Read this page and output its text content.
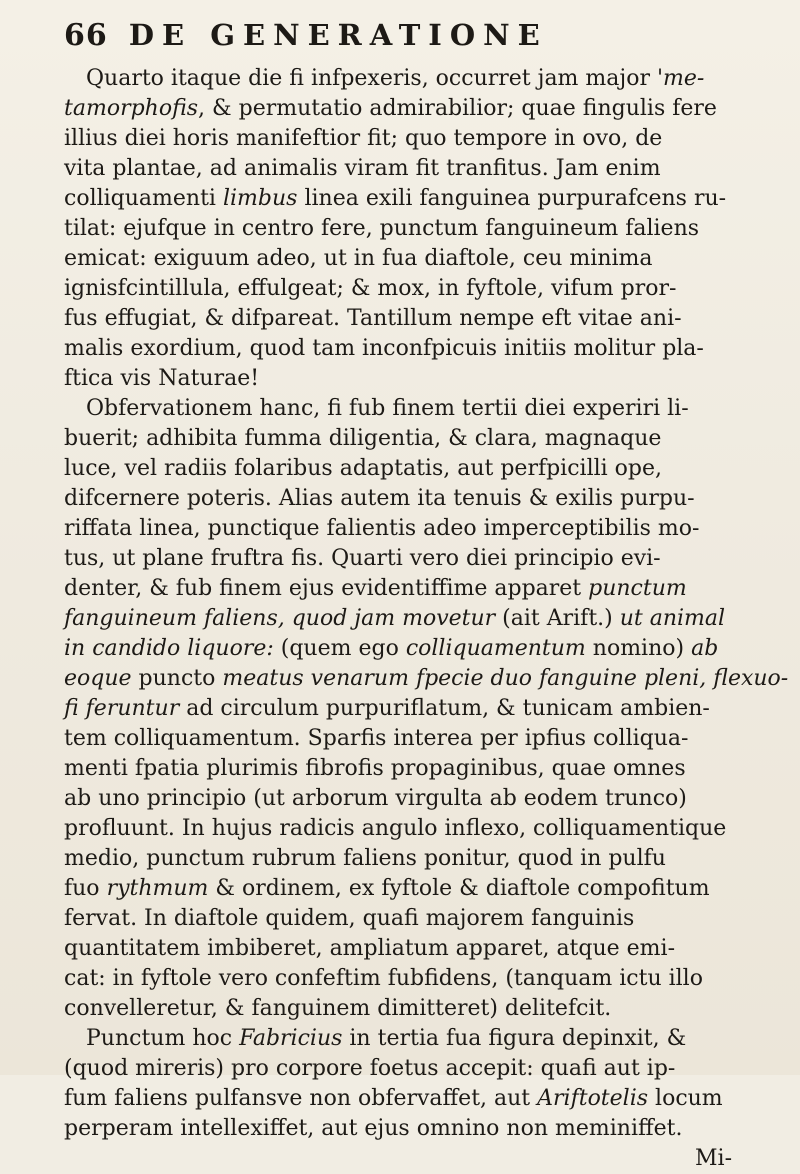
66 DE GENERATIONE
Quarto itaque die fi infpexeris, occurret jam major 'me-
tamorphofis, & permutatio admirabilior; quae fingulis fere
illius diei horis manifeftior fit; quo tempore in ovo, de
vita plantae, ad animalis viram fit tranfitus. Jam enim
colliquamenti limbus linea exili fanguinea purpurafcens ru-
tilat: ejufque in centro fere, punctum fanguineum faliens
emicat: exiguum adeo, ut in fua diaftole, ceu minima
ignisfcintillula, effulgeat; & mox, in fyftole, vifum pror-
fus effugiat, & difpareat. Tantillum nempe eft vitae ani-
malis exordium, quod tam inconfpicuis initiis molitur pla-
ftica vis Naturae!
Obfervationem hanc, fi fub finem tertii diei experiri li-
buerit; adhibita fumma diligentia, & clara, magnaque
luce, vel radiis folaribus adaptatis, aut perfpicilli ope,
difcernere poteris. Alias autem ita tenuis & exilis purpu-
riffata linea, punctique falientis adeo imperceptibilis mo-
tus, ut plane fruftra fis. Quarti vero diei principio evi-
denter, & fub finem ejus evidentiffime apparet punctum
fanguineum faliens, quod jam movetur (ait Arift.) ut animal
in candido liquore: (quem ego colliquamentum nomino) ab
eoque puncto meatus venarum fpecie duo fanguine pleni, flexuo-
fi feruntur ad circulum purpuriflatum, & tunicam ambien-
tem colliquamentum. Sparfis interea per ipfius colliqua-
menti fpatia plurimis fibrofis propaginibus, quae omnes
ab uno principio (ut arborum virgulta ab eodem trunco)
profluunt. In hujus radicis angulo inflexo, colliquamentique
medio, punctum rubrum faliens ponitur, quod in pulfu
fuo rythmum & ordinem, ex fyftole & diaftole compofitum
fervat. In diaftole quidem, quafi majorem fanguinis
quantitatem imbiberet, ampliatum apparet, atque emi-
cat: in fyftole vero confeftim fubfidens, (tanquam ictu illo
convelleretur, & fanguinem dimitteret) delitefcit.
Punctum hoc Fabricius in tertia fua figura depinxit, &
(quod mireris) pro corpore foetus accepit: quafi aut ip-
fum faliens pulfansve non obfervaffet, aut Ariftotelis locum
perperam intellexiffet, aut ejus omnino non meminiffet.
Mi-
